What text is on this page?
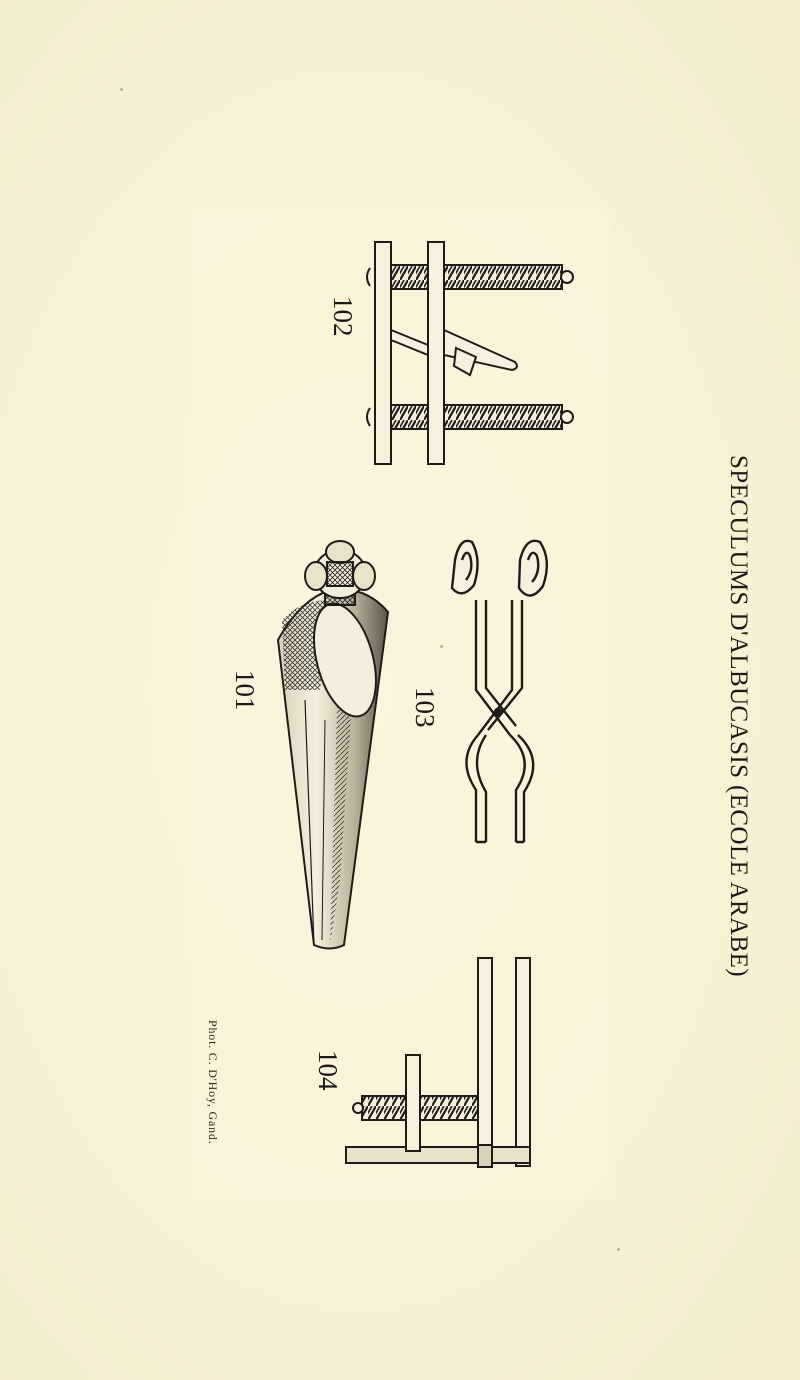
SPECULUMS D'ALBUCASIS (ECOLE ARABE)
102
101	103
104
Phot. C. D'Hoy, Gand.
